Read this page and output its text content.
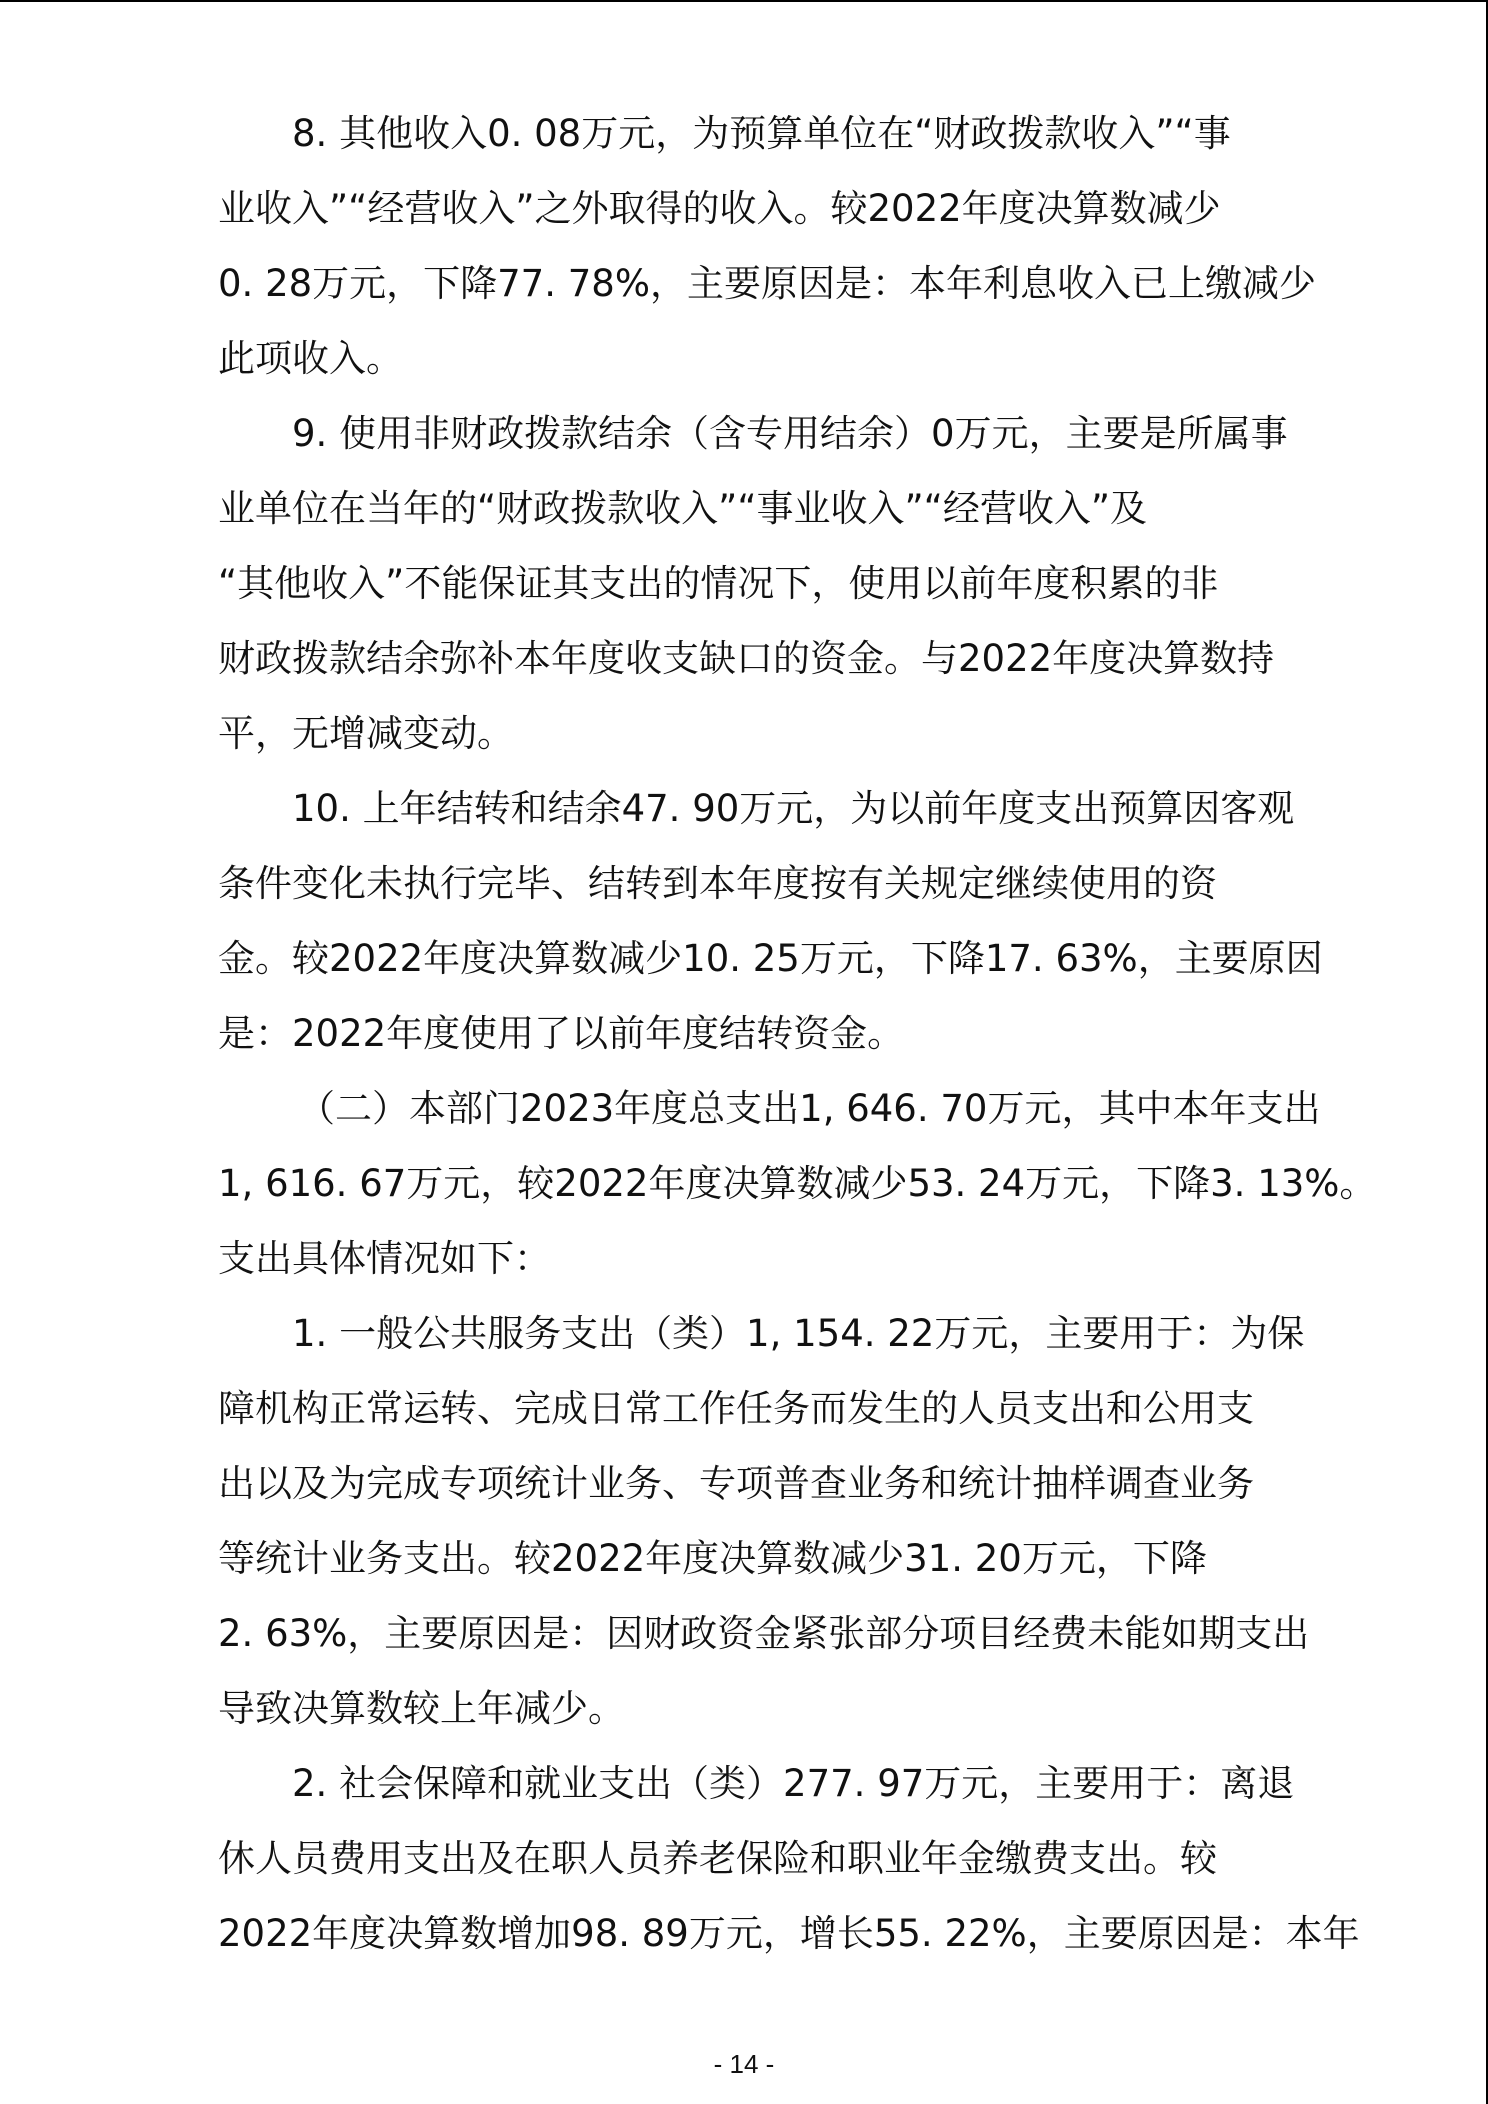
8. 其他收入0. 08万元，为预算单位在“财政拨款收入”“事
业收入”“经营收入”之外取得的收入。较2022年度决算数减少
0. 28万元，下降77. 78%，主要原因是：本年利息收入已上缴减少
此项收入。
9. 使用非财政拨款结余（含专用结余）0万元，主要是所属事
业单位在当年的“财政拨款收入”“事业收入”“经营收入”及
“其他收入”不能保证其支出的情况下，使用以前年度积累的非
财政拨款结余弥补本年度收支缺口的资金。与2022年度决算数持
平，无增减变动。
10. 上年结转和结余47. 90万元，为以前年度支出预算因客观
条件变化未执行完毕、结转到本年度按有关规定继续使用的资
金。较2022年度决算数减少10. 25万元，下降17. 63%，主要原因
是：2022年度使用了以前年度结转资金。
（二）本部门2023年度总支出1, 646. 70万元，其中本年支出
1, 616. 67万元，较2022年度决算数减少53. 24万元，下降3. 13%。
支出具体情况如下：
1. 一般公共服务支出（类）1, 154. 22万元，主要用于：为保
障机构正常运转、完成日常工作任务而发生的人员支出和公用支
出以及为完成专项统计业务、专项普查业务和统计抽样调查业务
等统计业务支出。较2022年度决算数减少31. 20万元，下降
2. 63%，主要原因是：因财政资金紧张部分项目经费未能如期支出
导致决算数较上年减少。
2. 社会保障和就业支出（类）277. 97万元，主要用于：离退
休人员费用支出及在职人员养老保险和职业年金缴费支出。较
2022年度决算数增加98. 89万元，增长55. 22%，主要原因是：本年
- 14 -
